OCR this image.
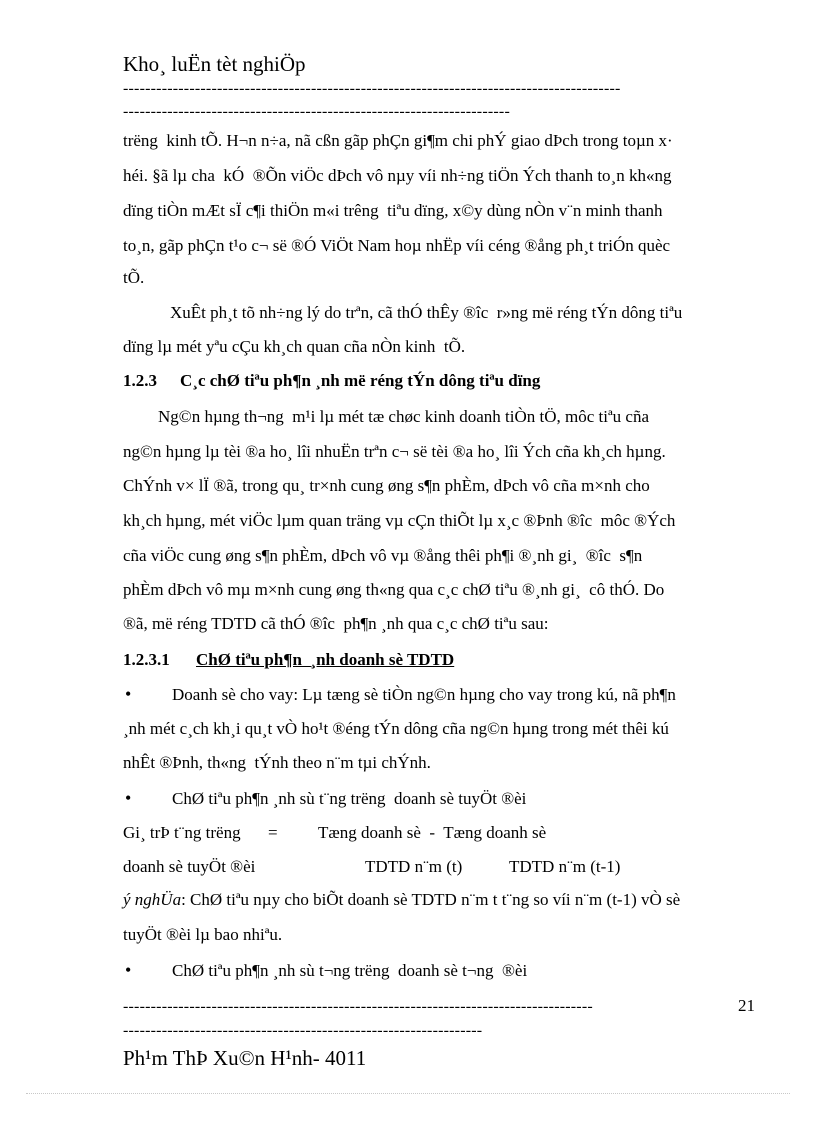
Kho¸ luËn tèt nghiÖp
------------------------------------------------------------------------------------------
----------------------------------------------------------------------
trëng  kinh tÕ. H¬n n÷a, nã cßn gãp phÇn gi¶m chi phÝ giao dÞch trong toµn x·
héi. §ã lµ cha  kÓ  ®Õn viÖc dÞch vô nµy víi nh÷ng tiÖn Ých thanh to¸n kh«ng
dïng tiÒn mÆt sÏ c¶i thiÖn m«i trêng  tiªu dïng, x©y dùng nÒn v¨n minh thanh
to¸n, gãp phÇn t¹o c¬ së ®Ó ViÖt Nam hoµ nhËp víi céng ®ång ph¸t triÓn quèc
tÕ.
XuÊt ph¸t tõ nh÷ng lý do trªn, cã thÓ thÊy ®îc  r»ng më réng tÝn dông tiªu
dïng lµ mét yªu cÇu kh¸ch quan cña nÒn kinh  tÕ.
1.2.3 C¸c chØ tiªu ph¶n ¸nh më réng tÝn dông tiªu dïng
Ng©n hµng th¬ng  m¹i lµ mét tæ chøc kinh doanh tiÒn tÖ, môc tiªu cña
ng©n hµng lµ tèi ®a ho¸ lîi nhuËn trªn c¬ së tèi ®a ho¸ lîi Ých cña kh¸ch hµng.
ChÝnh v× lÏ ®ã, trong qu¸ tr×nh cung øng s¶n phÈm, dÞch vô cña m×nh cho
kh¸ch hµng, mét viÖc lµm quan träng vµ cÇn thiÕt lµ x¸c ®Þnh ®îc  môc ®Ých
cña viÖc cung øng s¶n phÈm, dÞch vô vµ ®ång thêi ph¶i ®¸nh gi¸  ®îc  s¶n
phÈm dÞch vô mµ m×nh cung øng th«ng qua c¸c chØ tiªu ®¸nh gi¸  cô thÓ. Do
®ã, më réng TDTD cã thÓ ®îc  ph¶n ¸nh qua c¸c chØ tiªu sau:
1.2.3.1 ChØ tiªu ph¶n  ¸nh doanh sè TDTD
• Doanh sè cho vay: Lµ tæng sè tiÒn ng©n hµng cho vay trong kú, nã ph¶n
¸nh mét c¸ch kh¸i qu¸t vÒ ho¹t ®éng tÝn dông cña ng©n hµng trong mét thêi kú
nhÊt ®Þnh, th«ng  tÝnh theo n¨m tµi chÝnh.
• ChØ tiªu ph¶n ¸nh sù t¨ng trëng  doanh sè tuyÖt ®èi
Gi¸ trÞ t¨ng trëng = Tæng doanh sè  -  Tæng doanh sè
doanh sè tuyÖt ®èi	TDTD n¨m (t)	TDTD n¨m (t-1)
ý nghÜa: ChØ tiªu nµy cho biÕt doanh sè TDTD n¨m t t¨ng so víi n¨m (t-1) vÒ sè
tuyÖt ®èi lµ bao nhiªu.
• ChØ tiªu ph¶n ¸nh sù t¬ng trëng  doanh sè t¬ng  ®èi
-------------------------------------------------------------------------------------	21
-----------------------------------------------------------------
Ph¹m ThÞ Xu©n H¹nh- 4011
